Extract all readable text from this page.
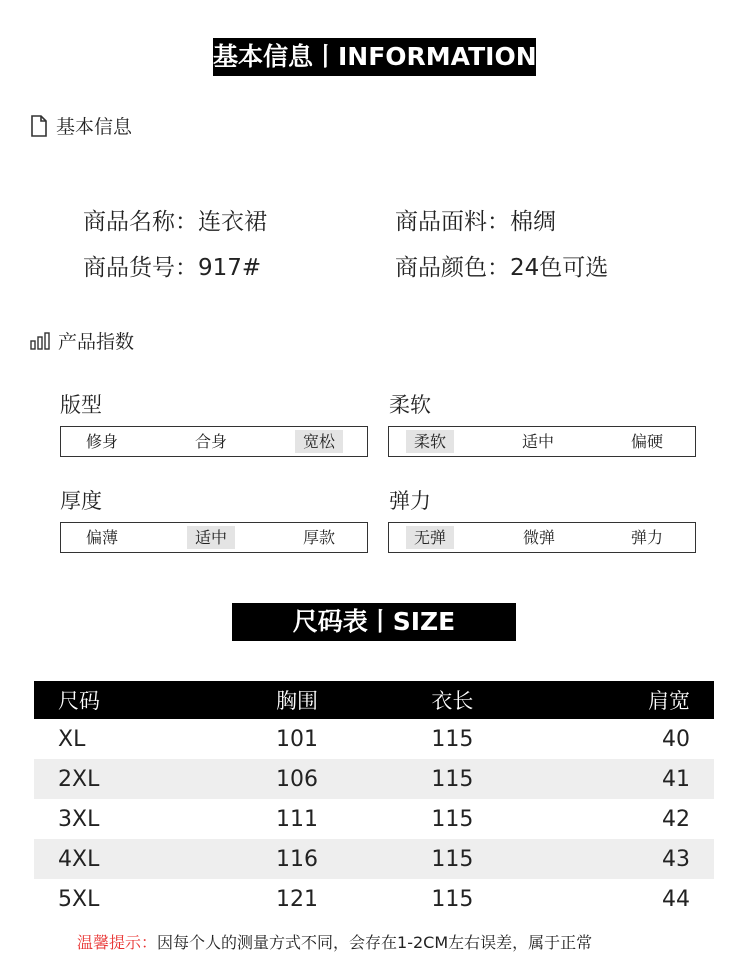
基本信息丨INFORMATION
基本信息
商品名称：连衣裙	商品面料：棉绸
商品货号：917#	商品颜色：24色可选
产品指数
版型
修身	合身	宽松
柔软
柔软	适中	偏硬
厚度
偏薄	适中	厚款
弹力
无弹	微弹	弹力
尺码表丨SIZE
尺码	胸围	衣长	肩宽
XL	101	115	40
2XL	106	115	41
3XL	111	115	42
4XL	116	115	43
5XL	121	115	44
温馨提示：因每个人的测量方式不同，会存在1-2CM左右误差，属于正常
